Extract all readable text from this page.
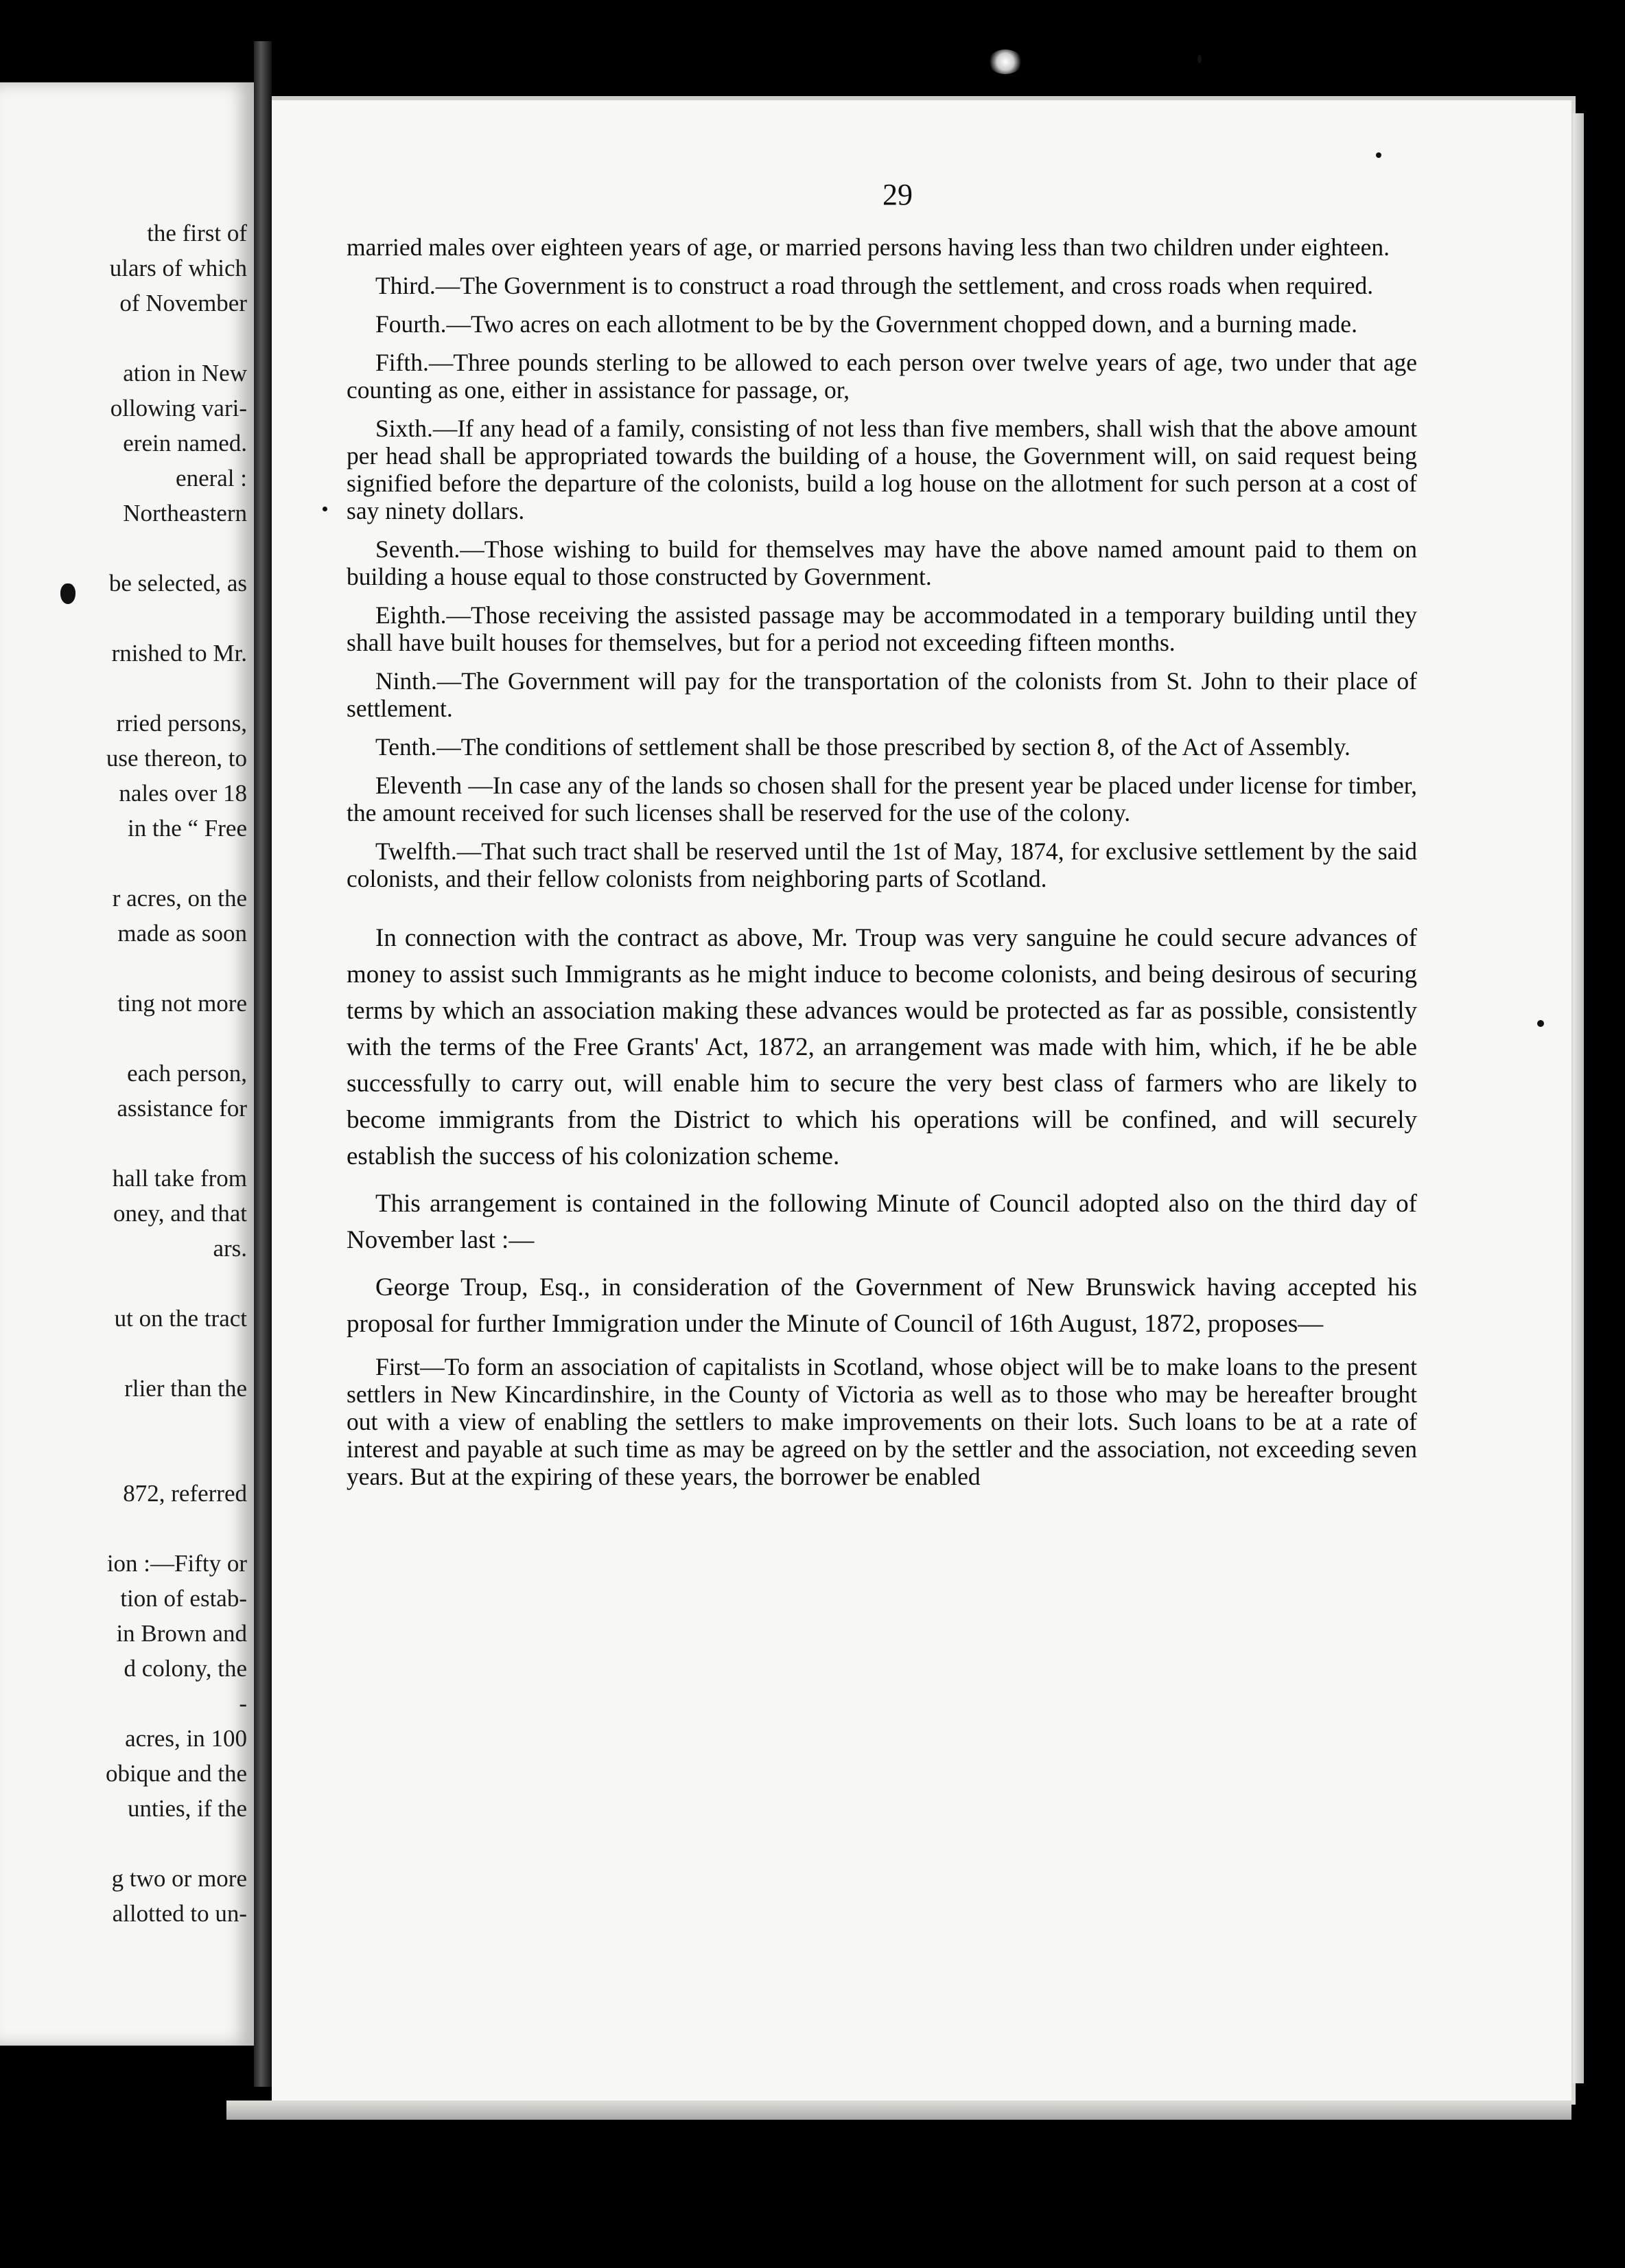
the first of
ulars of which
of November
ation in New
ollowing vari-
erein named.
eneral :
Northeastern
be selected, as
rnished to Mr.
rried persons,
use thereon, to
nales over 18
in the “ Free
r acres, on the
made as soon
ting not more
each person,
assistance for
hall take from
oney, and that
ars.
ut on the tract
rlier than the
872, referred
ion :—Fifty or
tion of estab-
in Brown and
d colony, the
-
acres, in 100
obique and the
unties, if the
g two or more
allotted to un-
29

married males over eighteen years of age, or married persons having less than two children under eighteen.

Third.—The Government is to construct a road through the settlement, and cross roads when required.

Fourth.—Two acres on each allotment to be by the Government chopped down, and a burning made.

Fifth.—Three pounds sterling to be allowed to each person over twelve years of age, two under that age counting as one, either in assistance for passage, or,

Sixth.—If any head of a family, consisting of not less than five members, shall wish that the above amount per head shall be appropriated towards the building of a house, the Government will, on said request being signified before the departure of the colonists, build a log house on the allotment for such person at a cost of say ninety dollars.

Seventh.—Those wishing to build for themselves may have the above named amount paid to them on building a house equal to those constructed by Government.

Eighth.—Those receiving the assisted passage may be accommodated in a temporary building until they shall have built houses for themselves, but for a period not exceeding fifteen months.

Ninth.—The Government will pay for the transportation of the colonists from St. John to their place of settlement.

Tenth.—The conditions of settlement shall be those prescribed by section 8, of the Act of Assembly.

Eleventh —In case any of the lands so chosen shall for the present year be placed under license for timber, the amount received for such licenses shall be reserved for the use of the colony.

Twelfth.—That such tract shall be reserved until the 1st of May, 1874, for exclusive settlement by the said colonists, and their fellow colonists from neighboring parts of Scotland.

In connection with the contract as above, Mr. Troup was very sanguine he could secure advances of money to assist such Immigrants as he might induce to become colonists, and being desirous of securing terms by which an association making these advances would be protected as far as possible, consistently with the terms of the Free Grants' Act, 1872, an arrangement was made with him, which, if he be able successfully to carry out, will enable him to secure the very best class of farmers who are likely to become immigrants from the District to which his operations will be confined, and will securely establish the success of his colonization scheme.

This arrangement is contained in the following Minute of Council adopted also on the third day of November last :—

George Troup, Esq., in consideration of the Government of New Brunswick having accepted his proposal for further Immigration under the Minute of Council of 16th August, 1872, proposes—

First—To form an association of capitalists in Scotland, whose object will be to make loans to the present settlers in New Kincardinshire, in the County of Victoria as well as to those who may be hereafter brought out with a view of enabling the settlers to make improvements on their lots. Such loans to be at a rate of interest and payable at such time as may be agreed on by the settler and the association, not exceeding seven years. But at the expiring of these years, the borrower be enabled
